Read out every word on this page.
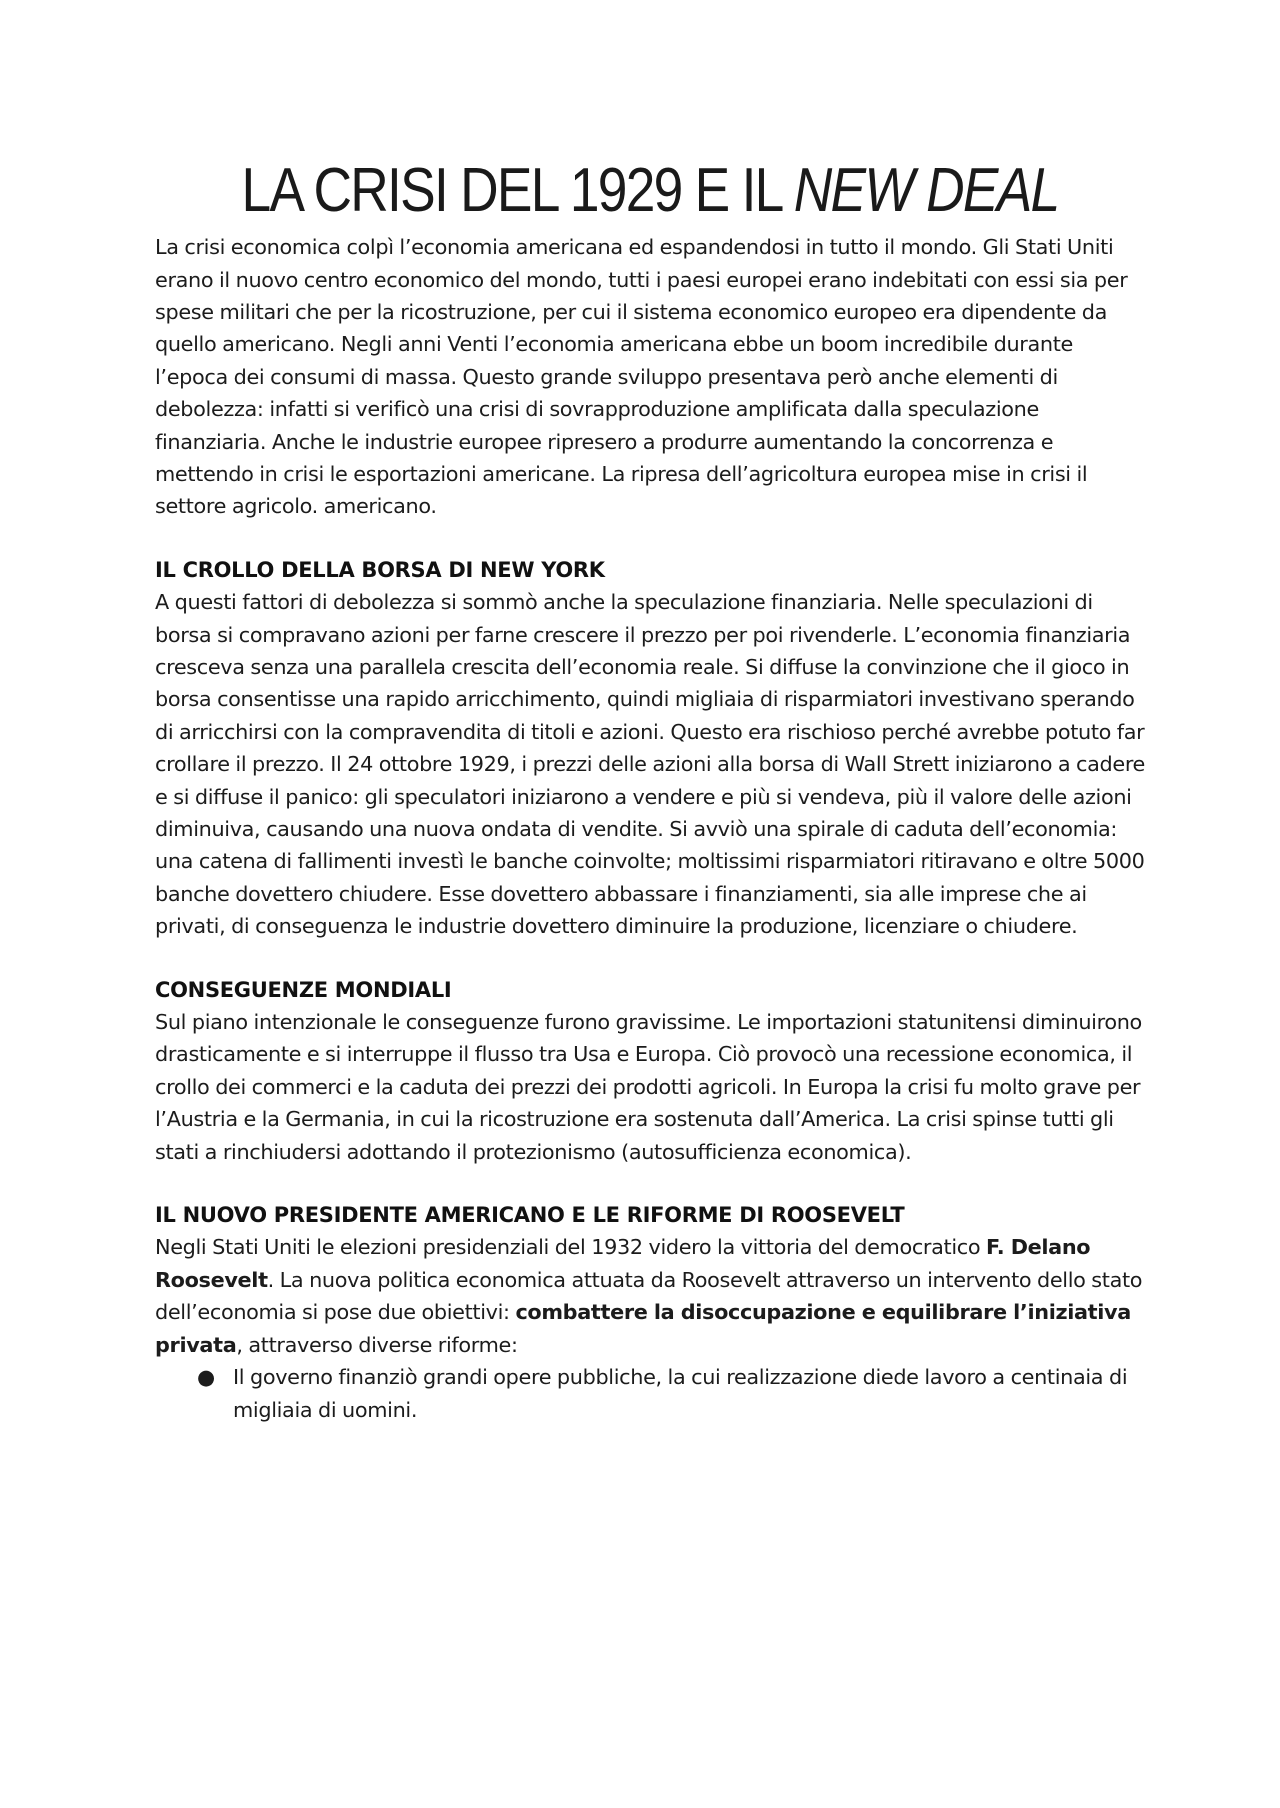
LA CRISI DEL 1929 E IL NEW DEAL

La crisi economica colpì l’economia americana ed espandendosi in tutto il mondo. Gli Stati Uniti erano il nuovo centro economico del mondo, tutti i paesi europei erano indebitati con essi sia per spese militari che per la ricostruzione, per cui il sistema economico europeo era dipendente da quello americano. Negli anni Venti l’economia americana ebbe un boom incredibile durante l’epoca dei consumi di massa. Questo grande sviluppo presentava però anche elementi di debolezza: infatti si verificò una crisi di sovrapproduzione amplificata dalla speculazione finanziaria. Anche le industrie europee ripresero a produrre aumentando la concorrenza e mettendo in crisi le esportazioni americane. La ripresa dell’agricoltura europea mise in crisi il settore agricolo. americano.

IL CROLLO DELLA BORSA DI NEW YORK

A questi fattori di debolezza si sommò anche la speculazione finanziaria. Nelle speculazioni di borsa si compravano azioni per farne crescere il prezzo per poi rivenderle. L’economia finanziaria cresceva senza una parallela crescita dell’economia reale. Si diffuse la convinzione che il gioco in borsa consentisse una rapido arricchimento, quindi migliaia di risparmiatori investivano sperando di arricchirsi con la compravendita di titoli e azioni. Questo era rischioso perché avrebbe potuto far crollare il prezzo. Il 24 ottobre 1929, i prezzi delle azioni alla borsa di Wall Strett iniziarono a cadere e si diffuse il panico: gli speculatori iniziarono a vendere e più si vendeva, più il valore delle azioni diminuiva, causando una nuova ondata di vendite. Si avviò una spirale di caduta dell’economia: una catena di fallimenti investì le banche coinvolte; moltissimi risparmiatori ritiravano e oltre 5000 banche dovettero chiudere. Esse dovettero abbassare i finanziamenti, sia alle imprese che ai privati, di conseguenza le industrie dovettero diminuire la produzione, licenziare o chiudere.

CONSEGUENZE MONDIALI

Sul piano intenzionale le conseguenze furono gravissime. Le importazioni statunitensi diminuirono drasticamente e si interruppe il flusso tra Usa e Europa. Ciò provocò una recessione economica, il crollo dei commerci e la caduta dei prezzi dei prodotti agricoli. In Europa la crisi fu molto grave per l’Austria e la Germania, in cui la ricostruzione era sostenuta dall’America. La crisi spinse tutti gli stati a rinchiudersi adottando il protezionismo (autosufficienza economica).

IL NUOVO PRESIDENTE AMERICANO E LE RIFORME DI ROOSEVELT

Negli Stati Uniti le elezioni presidenziali del 1932 videro la vittoria del democratico F. Delano Roosevelt. La nuova politica economica attuata da Roosevelt attraverso un intervento dello stato dell’economia si pose due obiettivi: combattere la disoccupazione e equilibrare l’iniziativa privata, attraverso diverse riforme:

● Il governo finanziò grandi opere pubbliche, la cui realizzazione diede lavoro a centinaia di migliaia di uomini.
